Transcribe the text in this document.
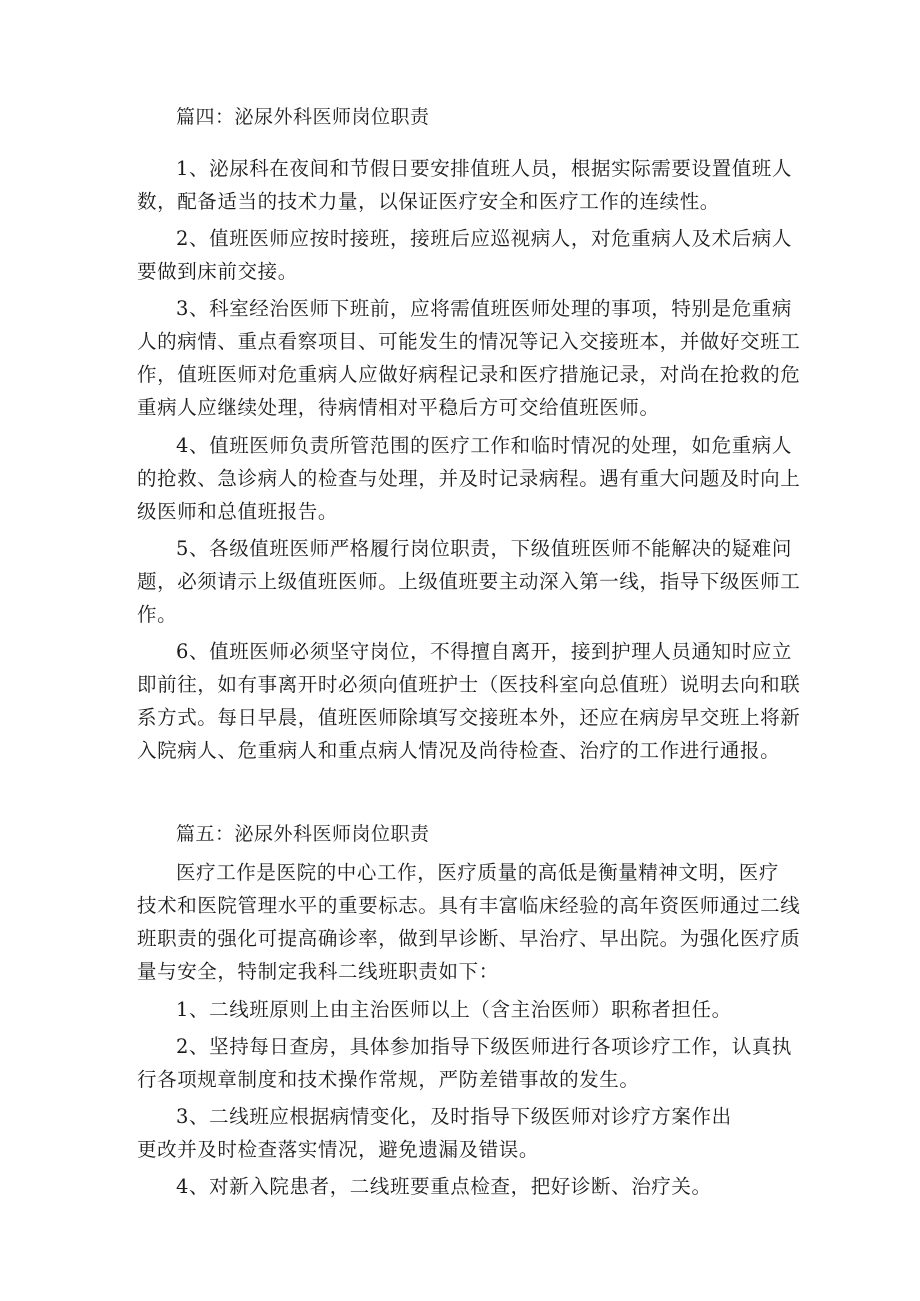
篇四：泌尿外科医师岗位职责
1、泌尿科在夜间和节假日要安排值班人员，根据实际需要设置值班人
数，配备适当的技术力量，以保证医疗安全和医疗工作的连续性。
2、值班医师应按时接班，接班后应巡视病人，对危重病人及术后病人
要做到床前交接。
3、科室经治医师下班前，应将需值班医师处理的事项，特别是危重病
人的病情、重点看察项目、可能发生的情况等记入交接班本，并做好交班工
作，值班医师对危重病人应做好病程记录和医疗措施记录，对尚在抢救的危
重病人应继续处理，待病情相对平稳后方可交给值班医师。
4、值班医师负责所管范围的医疗工作和临时情况的处理，如危重病人
的抢救、急诊病人的检查与处理，并及时记录病程。遇有重大问题及时向上
级医师和总值班报告。
5、各级值班医师严格履行岗位职责，下级值班医师不能解决的疑难问
题，必须请示上级值班医师。上级值班要主动深入第一线，指导下级医师工
作。
6、值班医师必须坚守岗位，不得擅自离开，接到护理人员通知时应立
即前往，如有事离开时必须向值班护士（医技科室向总值班）说明去向和联
系方式。每日早晨，值班医师除填写交接班本外，还应在病房早交班上将新
入院病人、危重病人和重点病人情况及尚待检查、治疗的工作进行通报。
篇五：泌尿外科医师岗位职责
医疗工作是医院的中心工作，医疗质量的高低是衡量精神文明，医疗
技术和医院管理水平的重要标志。具有丰富临床经验的高年资医师通过二线
班职责的强化可提高确诊率，做到早诊断、早治疗、早出院。为强化医疗质
量与安全，特制定我科二线班职责如下：
1、二线班原则上由主治医师以上（含主治医师）职称者担任。
2、坚持每日查房，具体参加指导下级医师进行各项诊疗工作，认真执
行各项规章制度和技术操作常规，严防差错事故的发生。
3、二线班应根据病情变化，及时指导下级医师对诊疗方案作出
更改并及时检查落实情况，避免遗漏及错误。
4、对新入院患者，二线班要重点检查，把好诊断、治疗关。
